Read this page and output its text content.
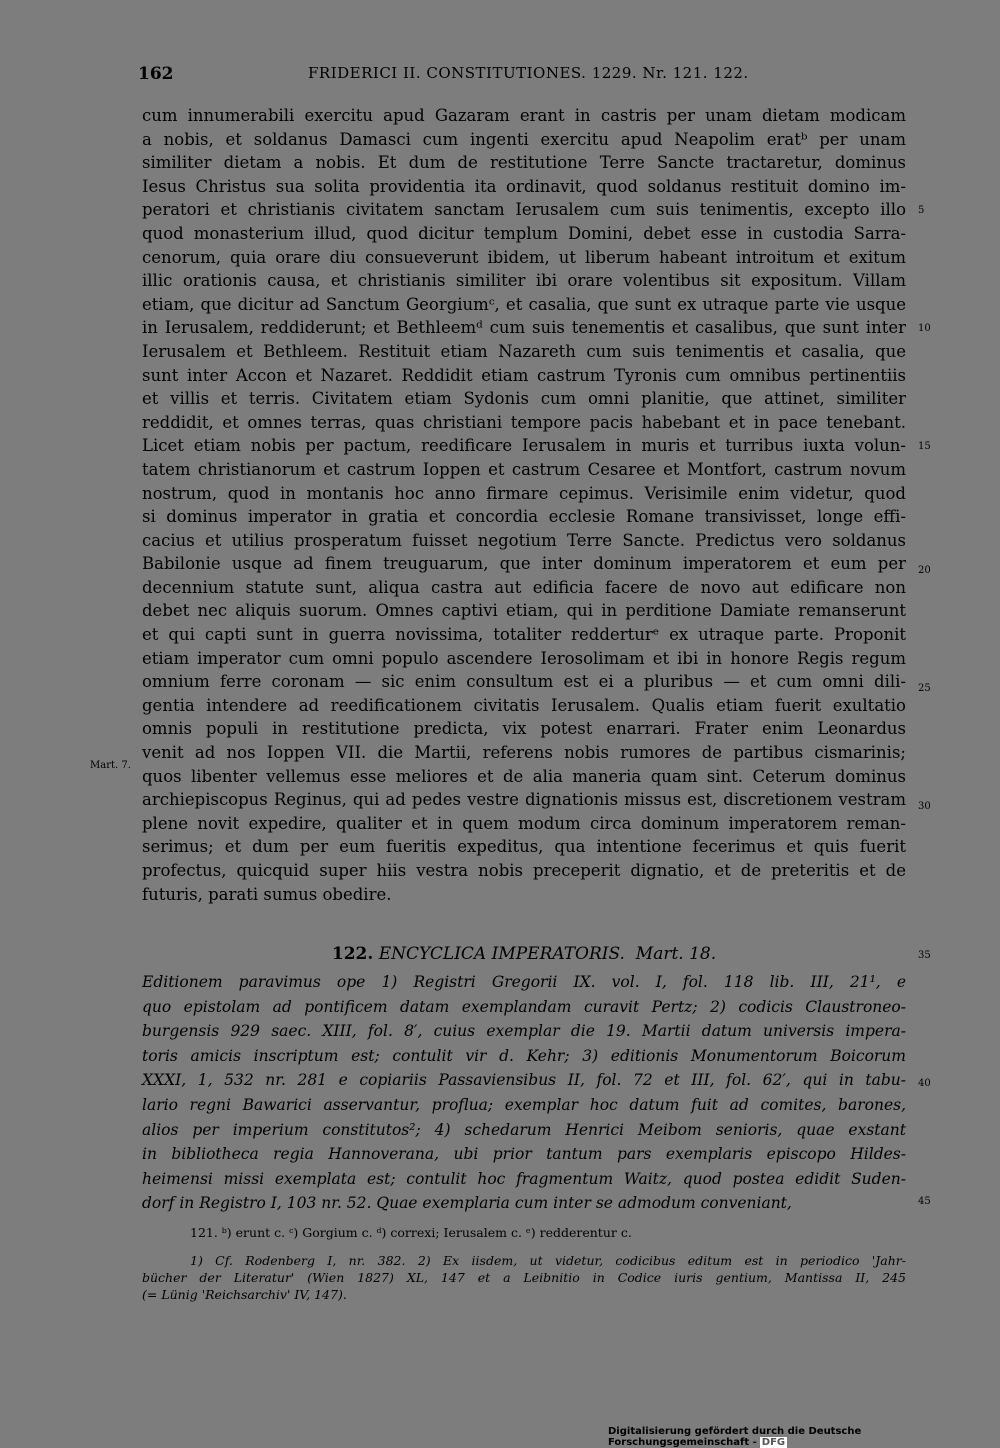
162	FRIDERICI II. CONSTITUTIONES. 1229. Nr. 121. 122.
cum innumerabili exercitu apud Gazaram erant in castris per unam dietam modicam
a nobis, et soldanus Damasci cum ingenti exercitu apud Neapolim eratᵇ per unam
similiter dietam a nobis. Et dum de restitutione Terre Sancte tractaretur, dominus
Iesus Christus sua solita providentia ita ordinavit, quod soldanus restituit domino im-
peratori et christianis civitatem sanctam Ierusalem cum suis tenimentis, excepto illo
quod monasterium illud, quod dicitur templum Domini, debet esse in custodia Sarra-
cenorum, quia orare diu consueverunt ibidem, ut liberum habeant introitum et exitum
illic orationis causa, et christianis similiter ibi orare volentibus sit expositum. Villam
etiam, que dicitur ad Sanctum Georgiumᶜ, et casalia, que sunt ex utraque parte vie usque
in Ierusalem, reddiderunt; et Bethleemᵈ cum suis tenementis et casalibus, que sunt inter
Ierusalem et Bethleem. Restituit etiam Nazareth cum suis tenimentis et casalia, que
sunt inter Accon et Nazaret. Reddidit etiam castrum Tyronis cum omnibus pertinentiis
et villis et terris. Civitatem etiam Sydonis cum omni planitie, que attinet, similiter
reddidit, et omnes terras, quas christiani tempore pacis habebant et in pace tenebant.
Licet etiam nobis per pactum, reedificare Ierusalem in muris et turribus iuxta volun-
tatem christianorum et castrum Ioppen et castrum Cesaree et Montfort, castrum novum
nostrum, quod in montanis hoc anno firmare cepimus. Verisimile enim videtur, quod
si dominus imperator in gratia et concordia ecclesie Romane transivisset, longe effi-
cacius et utilius prosperatum fuisset negotium Terre Sancte. Predictus vero soldanus
Babilonie usque ad finem treuguarum, que inter dominum imperatorem et eum per
decennium statute sunt, aliqua castra aut edificia facere de novo aut edificare non
debet nec aliquis suorum. Omnes captivi etiam, qui in perditione Damiate remanserunt
et qui capti sunt in guerra novissima, totaliter redderturᵉ ex utraque parte. Proponit
etiam imperator cum omni populo ascendere Ierosolimam et ibi in honore Regis regum
omnium ferre coronam — sic enim consultum est ei a pluribus — et cum omni dili-
gentia intendere ad reedificationem civitatis Ierusalem. Qualis etiam fuerit exultatio
omnis populi in restitutione predicta, vix potest enarrari. Frater enim Leonardus
venit ad nos Ioppen VII. die Martii, referens nobis rumores de partibus cismarinis;
quos libenter vellemus esse meliores et de alia maneria quam sint. Ceterum dominus
archiepiscopus Reginus, qui ad pedes vestre dignationis missus est, discretionem vestram
plene novit expedire, qualiter et in quem modum circa dominum imperatorem reman-
serimus; et dum per eum fueritis expeditus, qua intentione fecerimus et quis fuerit
profectus, quicquid super hiis vestra nobis preceperit dignatio, et de preteritis et de
futuris, parati sumus obedire.
Mart. 7.
5
10
15
20
25
30
122. ENCYCLICA IMPERATORIS. Mart. 18.	35
Editionem paravimus ope 1) Registri Gregorii IX. vol. I, fol. 118 lib. III, 21¹, e
quo epistolam ad pontificem datam exemplandam curavit Pertz; 2) codicis Claustroneo-
burgensis 929 saec. XIII, fol. 8′, cuius exemplar die 19. Martii datum universis impera-
toris amicis inscriptum est; contulit vir d. Kehr; 3) editionis Monumentorum Boicorum
XXXI, 1, 532 nr. 281 e copiariis Passaviensibus II, fol. 72 et III, fol. 62′, qui in tabu-
lario regni Bawarici asservantur, profluа; exemplar hoc datum fuit ad comites, barones,
alios per imperium constitutos²; 4) schedarum Henrici Meibom senioris, quae exstant
in bibliotheca regia Hannoverana, ubi prior tantum pars exemplaris episcopo Hildes-
heimensi missi exemplata est; contulit hoc fragmentum Waitz, quod postea edidit Suden-
dorf in Registro I, 103 nr. 52. Quae exemplaria cum inter se admodum conveniant,
40
45
121. ᵇ) erunt c. ᶜ) Gorgium c. ᵈ) correxi; Ierusalem c. ᵉ) redderentur c.
1) Cf. Rodenberg I, nr. 382. 2) Ex iisdem, ut videtur, codicibus editum est in periodico 'Jahr-
bücher der Literatur' (Wien 1827) XL, 147 et a Leibnitio in Codice iuris gentium, Mantissa II, 245
(= Lünig 'Reichsarchiv' IV, 147).
Digitalisierung gefördert durch die Deutsche Forschungsgemeinschaft - DFG
